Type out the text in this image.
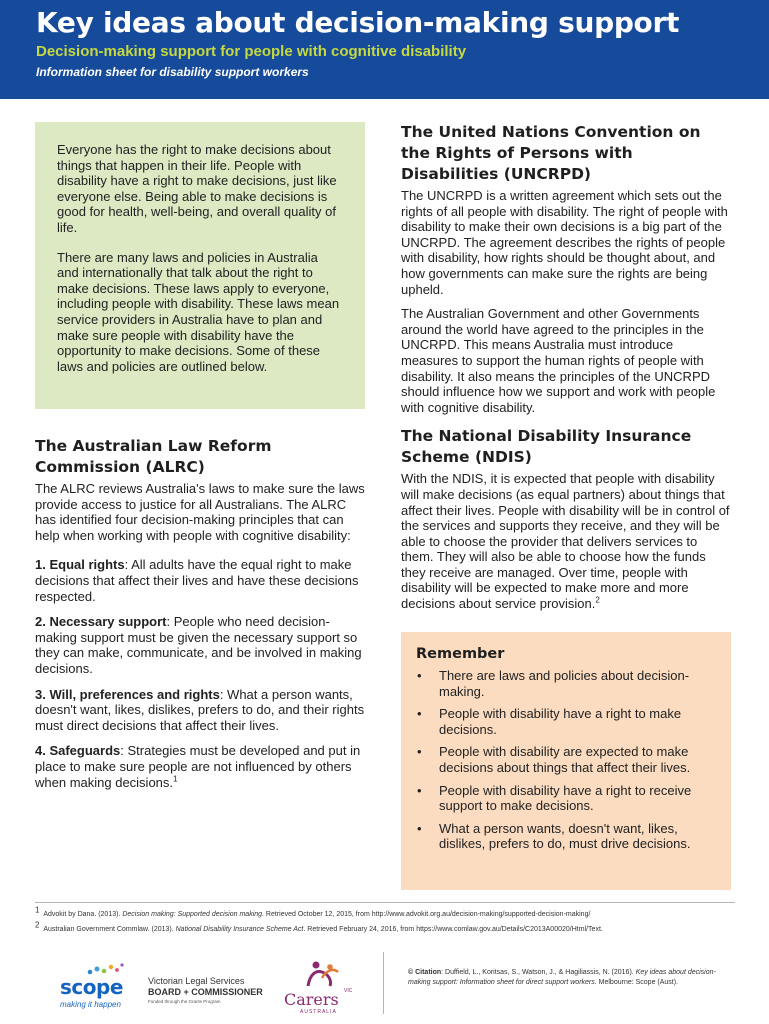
Key ideas about decision-making support
Decision-making support for people with cognitive disability
Information sheet for disability support workers

Everyone has the right to make decisions about things that happen in their life. People with disability have a right to make decisions, just like everyone else. Being able to make decisions is good for health, well-being, and overall quality of life.

There are many laws and policies in Australia and internationally that talk about the right to make decisions. These laws apply to everyone, including people with disability. These laws mean service providers in Australia have to plan and make sure people with disability have the opportunity to make decisions. Some of these laws and policies are outlined below.

The Australian Law Reform Commission (ALRC)

The ALRC reviews Australia's laws to make sure the laws provide access to justice for all Australians. The ALRC has identified four decision-making principles that can help when working with people with cognitive disability:

1. Equal rights: All adults have the equal right to make decisions that affect their lives and have these decisions respected.

2. Necessary support: People who need decision-making support must be given the necessary support so they can make, communicate, and be involved in making decisions.

3. Will, preferences and rights: What a person wants, doesn't want, likes, dislikes, prefers to do, and their rights must direct decisions that affect their lives.

4. Safeguards: Strategies must be developed and put in place to make sure people are not influenced by others when making decisions.$^1$

The United Nations Convention on the Rights of Persons with Disabilities (UNCRPD)

The UNCRPD is a written agreement which sets out the rights of all people with disability. The right of people with disability to make their own decisions is a big part of the UNCRPD. The agreement describes the rights of people with disability, how rights should be thought about, and how governments can make sure the rights are being upheld.

The Australian Government and other Governments around the world have agreed to the principles in the UNCRPD. This means Australia must introduce measures to support the human rights of people with disability. It also means the principles of the UNCRPD should influence how we support and work with people with cognitive disability.

The National Disability Insurance Scheme (NDIS)

With the NDIS, it is expected that people with disability will make decisions (as equal partners) about things that affect their lives. People with disability will be in control of the services and supports they receive, and they will be able to choose the provider that delivers services to them. They will also be able to choose how the funds they receive are managed. Over time, people with disability will be expected to make more and more decisions about service provision.$^2$

Remember
• There are laws and policies about decision-making.
• People with disability have a right to make decisions.
• People with disability are expected to make decisions about things that affect their lives.
• People with disability have a right to receive support to make decisions.
• What a person wants, doesn't want, likes, dislikes, prefers to do, must drive decisions.

$^1$ Advokit by Dana. (2013). Decision making: Supported decision making. Retrieved October 12, 2015, from http://www.advokit.org.au/decision-making/supported-decision-making/

$^2$ Australian Government Commlaw. (2013). National Disability Insurance Scheme Act. Retrieved February 24, 2016, from https://www.comlaw.gov.au/Details/C2013A00020/Html/Text.

scope
making it happen
Victorian Legal Services
BOARD + COMMISSIONER
Funded through the Grants Program	Carers VIC
AUSTRALIA
© Citation: Duffield, L., Koritsas, S., Watson, J., & Hagiliassis, N. (2016). Key ideas about decision-making support: Information sheet for direct support workers. Melbourne: Scope (Aust).
